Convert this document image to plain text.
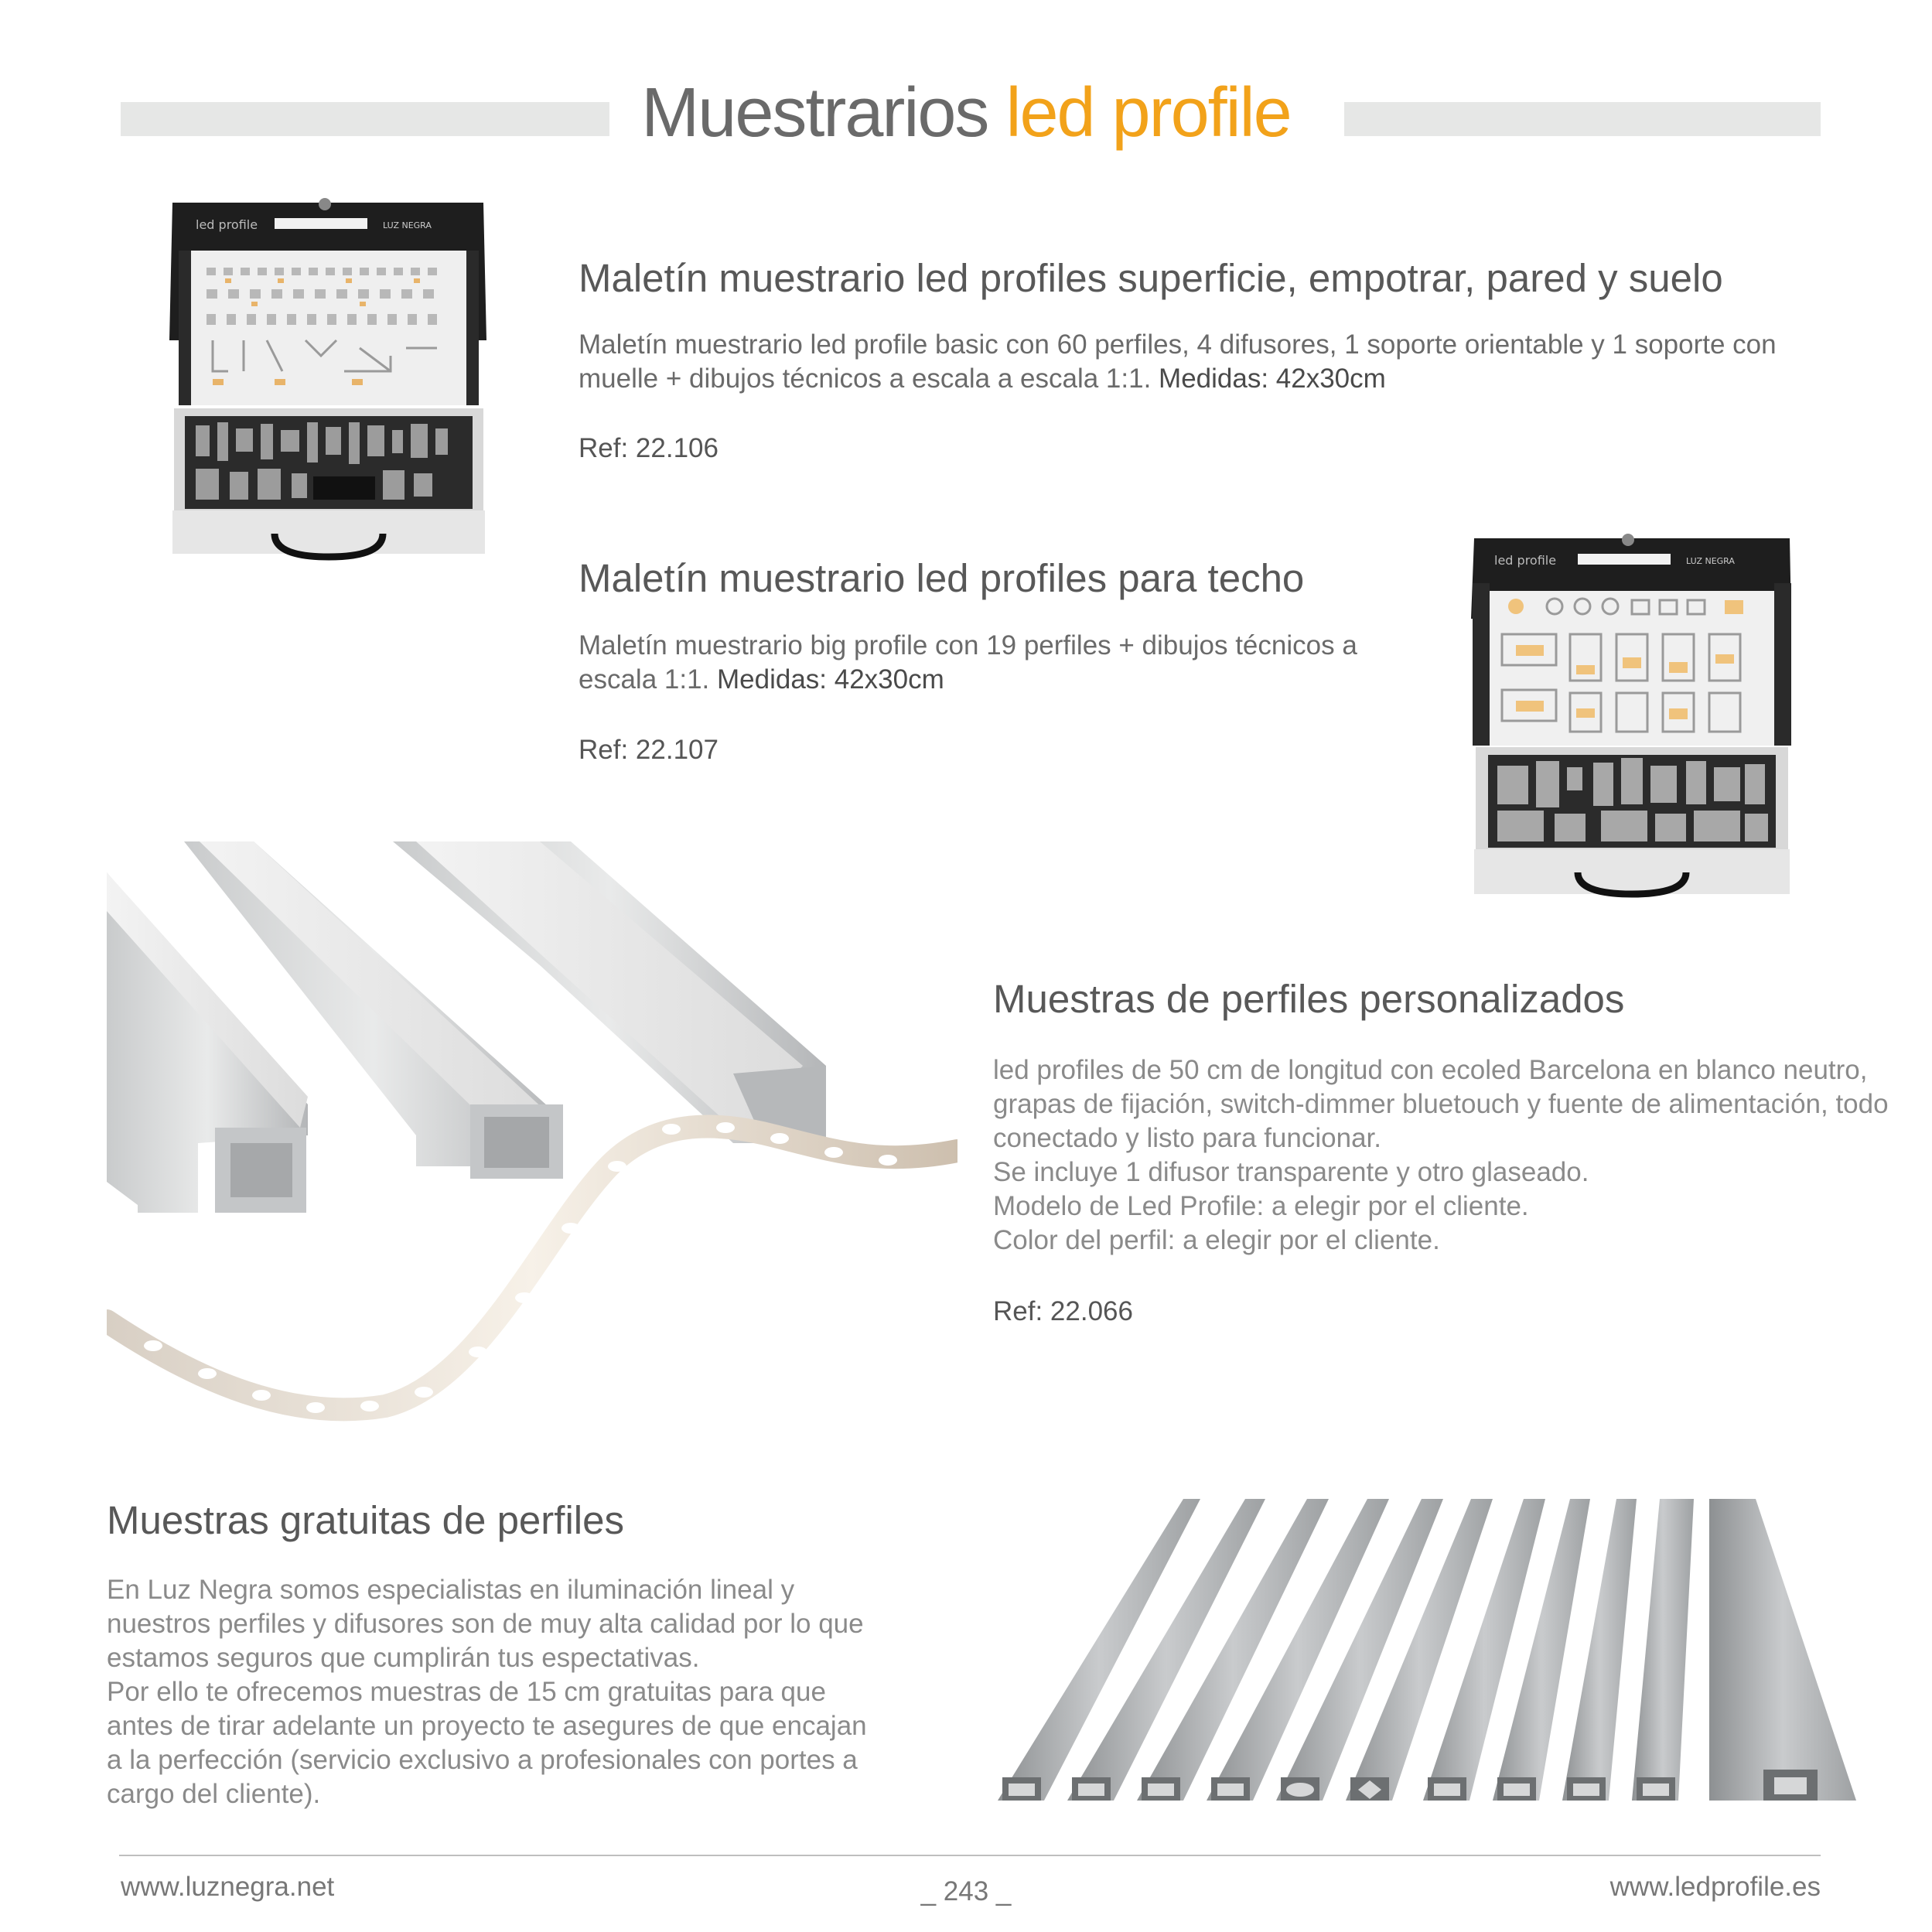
Muestrarios led profile
led profile	LUZ NEGRA
Maletín muestrario led profiles superficie, empotrar, pared y suelo

Maletín muestrario led profile basic con 60 perfiles, 4 difusores, 1 soporte orientable y 1 soporte con muelle + dibujos técnicos a escala a escala 1:1. Medidas: 42x30cm

Ref: 22.106
Maletín muestrario led profiles para techo

Maletín muestrario big profile con 19 perfiles + dibujos técnicos a escala 1:1. Medidas: 42x30cm

Ref: 22.107
led profile	LUZ NEGRA
Muestras de perfiles personalizados

led profiles de 50 cm de longitud con ecoled Barcelona en blanco neutro,

grapas de fijación, switch-dimmer bluetouch y fuente de alimentación, todo

conectado y listo para funcionar.

Se incluye 1 difusor transparente y otro glaseado.

Modelo de Led Profile: a elegir por el cliente.

Color del perfil: a elegir por el cliente.

Ref: 22.066
Muestras gratuitas de perfiles

En Luz Negra somos especialistas en iluminación lineal y

nuestros perfiles y difusores son de muy alta calidad por lo que

estamos seguros que cumplirán tus espectativas.

Por ello te ofrecemos muestras de 15 cm gratuitas para que

antes de tirar adelante un proyecto te asegures de que encajan

a la perfección (servicio exclusivo a profesionales con portes a

cargo del cliente).

www.luznegra.net	_ 243 _	www.ledprofile.es
